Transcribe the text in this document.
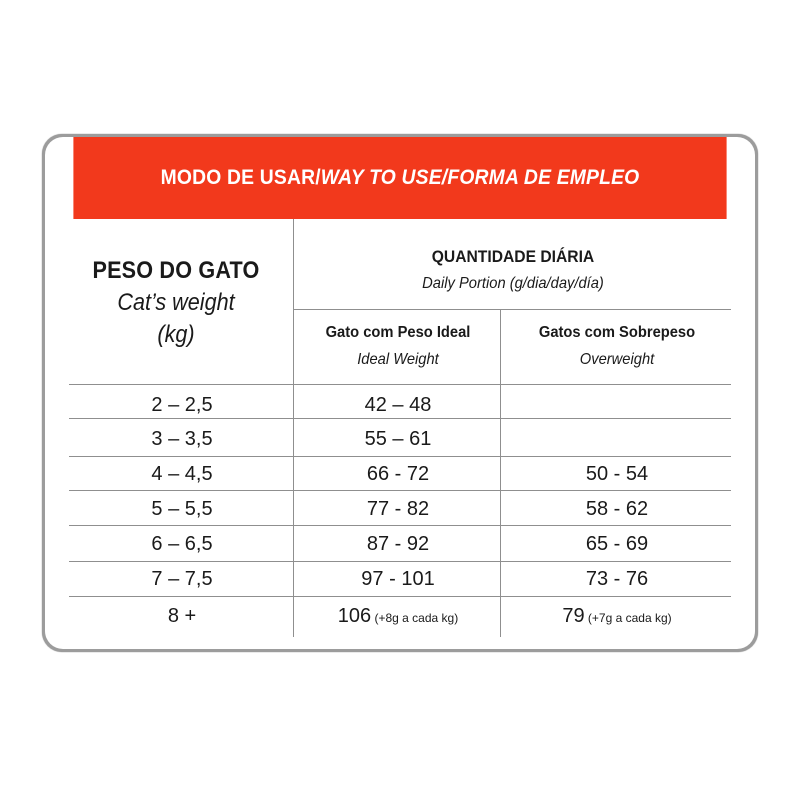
MODO DE USAR/ WAY TO USE/ FORMA DE EMPLEO
PESO DO GATO
Cat’s weight
(kg)
QUANTIDADE DIÁRIA
Daily Portion (g/dia/day/día)
Gato com Peso Ideal
Ideal Weight
Gatos com Sobrepeso
Overweight
2 – 2,5	42 – 48
3 – 3,5	55 – 61
4 – 4,5	66 - 72	50 - 54
5 – 5,5	77 - 82	58 - 62
6 – 6,5	87 - 92	65 - 69
7 – 7,5	97 - 101	73 - 76
8 +	106 (+8g a cada kg)	79 (+7g a cada kg)
